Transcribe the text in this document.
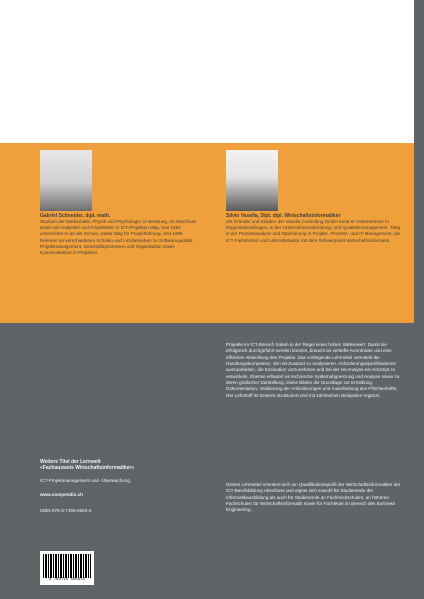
Gabriel Schneider, dipl. math.
Studium der Mathematik, Physik und Psychologie; in Beratung, im Abschluss sowie als Analytiker und Projektleiter in ICT-Projekten tätig. Seit 1993 unterrichtet er an der Schule, weiter tätig für Projektführung, Seit 1996 Referent an verschiedenen Schulen und Lehrbetrieben zu Softwarequalität, Projektmanagement, Geschäftsprozessen und Organisation sowie Kommunikation in Projekten.
Silvio Vasella, Dipl. dipl. Wirtschaftsinformatiker
Als Gründer und Inhaber der Vasella Consulting GmbH berät er Unternehmen in Organisationsfragen, in der Unternehmensberatung, und Qualitätsmanagement. Tätig in der Prozessanalyse und Optimierung in Projekt-, Prozess- und IT-Management; als ICT-Fachdozent und Lehrmittelautor mit dem Schwerpunkt Wirtschaftsinformatik.
Projekte im ICT-Bereich haben in der Regel einen hohen Stellenwert: Damit sie erfolgreich durchgeführt werden können, braucht es vertiefte Kenntnisse und eine effiziente Abwicklung des Projekts. Das vorliegende Lehrmittel vermittelt die Handlungskompetenz, den Ist-Zustand zu analysieren. Anforderungsspezifikationen auszuarbeiten, die Evaluation vorzunehmen und bei der Ist-Analyse ein Konzept zu entwickeln. Ebenso erläutert es technische Systemabgrenzung und Analyse sowie zu deren grafischer Darstellung. Diese Bilden die Grundlage zur Ermittlung, Dokumentation, Validierung der Anforderungen und Ausarbeitung des Pflichtenhefts. Der Lehrstoff ist bestens strukturiert und mit zahlreichen Beispielen ergänzt.
Dieses Lehrmittel orientiert sich am Qualifikationsprofil der Wirtschaftsinformatiker der ICT-Berufsbildung Abschluss und eignet sich sowohl für Studierende der Informatikausbildung als auch für Studierende an Fachhochschulen, an höheren Fachschulen für Wirtschaftsinformatik sowie für Fachleute im Bereich des Business Engineering.
Weitere Titel der Lernwelt
«Fachausweis Wirtschaftsinformatiker»
ICT-Projektmanagement und -Überwachung
www.compendio.ch
ISBN 978-3-7155-9563-4
9 783715 595634
